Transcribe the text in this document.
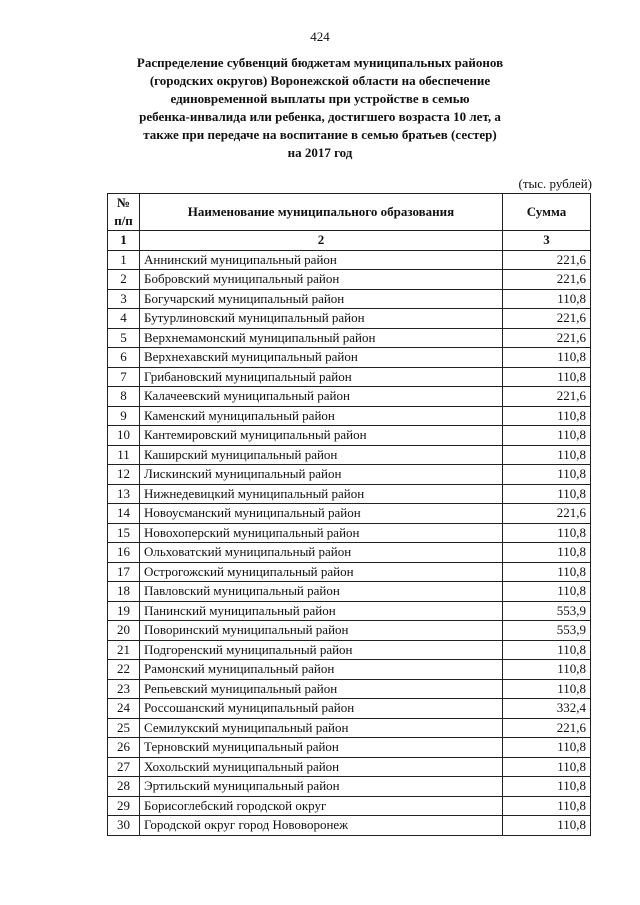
424
Распределение субвенций бюджетам муниципальных районов
(городских округов) Воронежской области на обеспечение
единовременной выплаты при устройстве в семью
ребенка-инвалида или ребенка, достигшего возраста 10 лет, а
также при передаче на воспитание в семью братьев (сестер)
на 2017 год
(тыс. рублей)
№
п/п	Наименование муниципального образования	Сумма
1	2	3
1	Аннинский муниципальный район	221,6
2	Бобровский муниципальный район	221,6
3	Богучарский муниципальный район	110,8
4	Бутурлиновский муниципальный район	221,6
5	Верхнемамонский муниципальный район	221,6
6	Верхнехавский муниципальный район	110,8
7	Грибановский муниципальный район	110,8
8	Калачеевский муниципальный район	221,6
9	Каменский муниципальный район	110,8
10	Кантемировский муниципальный район	110,8
11	Каширский муниципальный район	110,8
12	Лискинский муниципальный район	110,8
13	Нижнедевицкий муниципальный район	110,8
14	Новоусманский муниципальный район	221,6
15	Новохоперский муниципальный район	110,8
16	Ольховатский муниципальный район	110,8
17	Острогожский муниципальный район	110,8
18	Павловский муниципальный район	110,8
19	Панинский муниципальный район	553,9
20	Поворинский муниципальный район	553,9
21	Подгоренский муниципальный район	110,8
22	Рамонский муниципальный район	110,8
23	Репьевский муниципальный район	110,8
24	Россошанский муниципальный район	332,4
25	Семилукский муниципальный район	221,6
26	Терновский муниципальный район	110,8
27	Хохольский муниципальный район	110,8
28	Эртильский муниципальный район	110,8
29	Борисоглебский городской округ	110,8
30	Городской округ город Нововоронеж	110,8
